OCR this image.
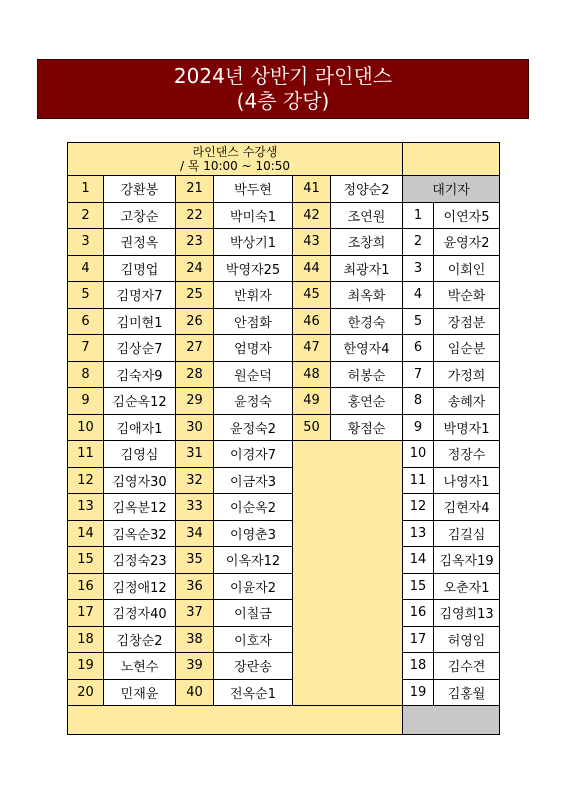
2024년 상반기 라인댄스
(4층 강당)
라인댄스 수강생
/ 목 10:00 ~ 10:50							

1	강환봉	21	박두현	41	정양순2	대기자	
2	고창순	22	박미숙1	42	조연원	1	이연자5
3	권정옥	23	박상기1	43	조창희	2	윤영자2
4	김명업	24	박영자25	44	최광자1	3	이회인
5	김명자7	25	반휘자	45	최옥화	4	박순화
6	김미현1	26	안점화	46	한경숙	5	장점분
7	김상순7	27	엄명자	47	한영자4	6	임순분
8	김숙자9	28	원순덕	48	허봉순	7	가정희
9	김순옥12	29	윤정숙	49	홍연순	8	송혜자
10	김애자1	30	윤정숙2	50	황점순	9	박명자1
11	김영심	31	이경자7			10	정장수
12	김영자30	32	이금자3			11	나영자1
13	김옥분12	33	이순옥2			12	김현자4
14	김옥순32	34	이영춘3			13	김길심
15	김정숙23	35	이옥자12			14	김옥자19
16	김정애12	36	이윤자2			15	오춘자1
17	김정자40	37	이칠금			16	김영희13
18	김창순2	38	이호자			17	허영임
19	노현수	39	장란송			18	김수견
20	민재윤	40	전옥순1			19	김홍월
